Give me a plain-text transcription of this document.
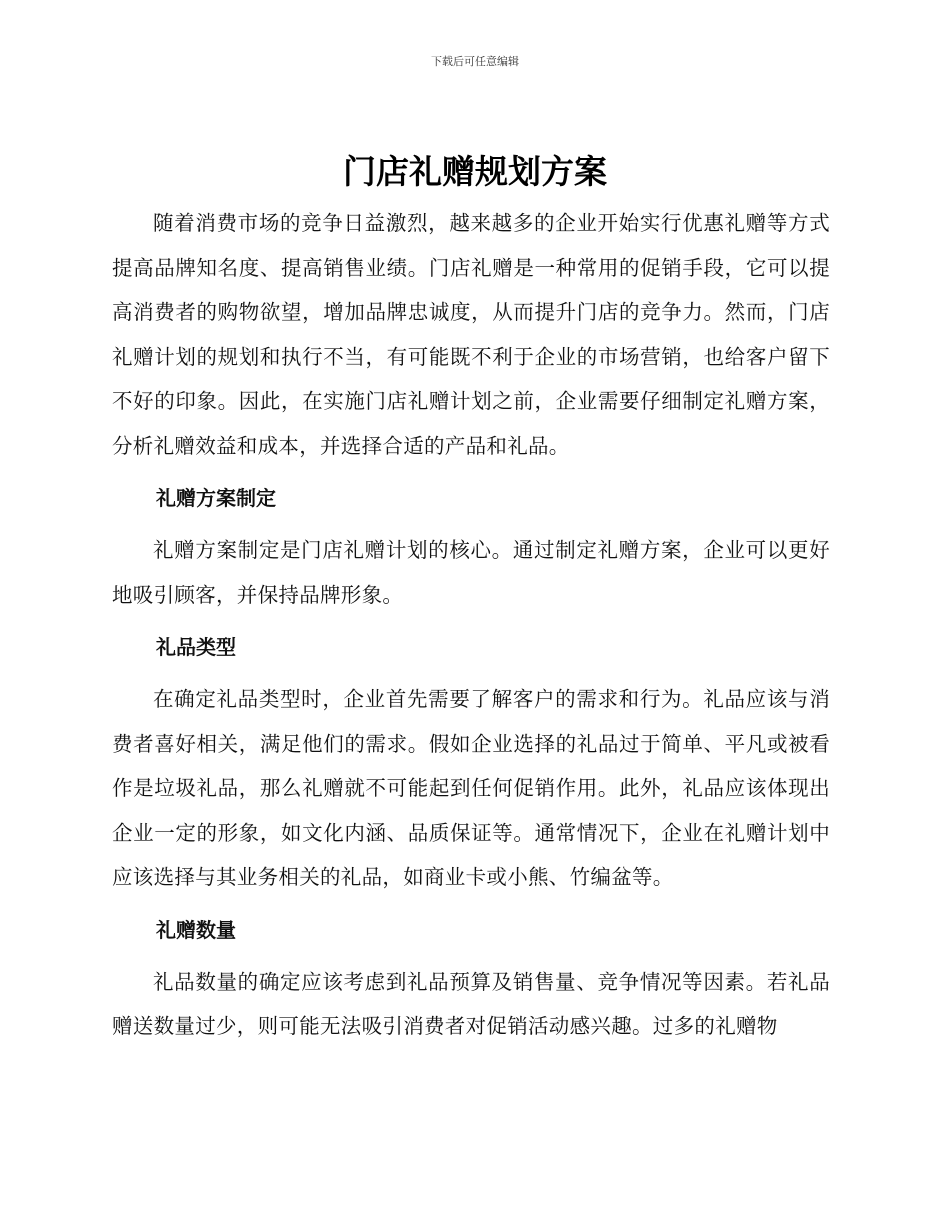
下载后可任意编辑
门店礼赠规划方案

随着消费市场的竞争日益激烈，越来越多的企业开始实行优惠礼赠等方式提高品牌知名度、提高销售业绩。门店礼赠是一种常用的促销手段，它可以提高消费者的购物欲望，增加品牌忠诚度，从而提升门店的竞争力。然而，门店礼赠计划的规划和执行不当，有可能既不利于企业的市场营销，也给客户留下不好的印象。因此，在实施门店礼赠计划之前，企业需要仔细制定礼赠方案，分析礼赠效益和成本，并选择合适的产品和礼品。

礼赠方案制定

礼赠方案制定是门店礼赠计划的核心。通过制定礼赠方案，企业可以更好地吸引顾客，并保持品牌形象。

礼品类型

在确定礼品类型时，企业首先需要了解客户的需求和行为。礼品应该与消费者喜好相关，满足他们的需求。假如企业选择的礼品过于简单、平凡或被看作是垃圾礼品，那么礼赠就不可能起到任何促销作用。此外，礼品应该体现出企业一定的形象，如文化内涵、品质保证等。通常情况下，企业在礼赠计划中应该选择与其业务相关的礼品，如商业卡或小熊、竹编盆等。

礼赠数量

礼品数量的确定应该考虑到礼品预算及销售量、竞争情况等因素。若礼品赠送数量过少，则可能无法吸引消费者对促销活动感兴趣。过多的礼赠物
